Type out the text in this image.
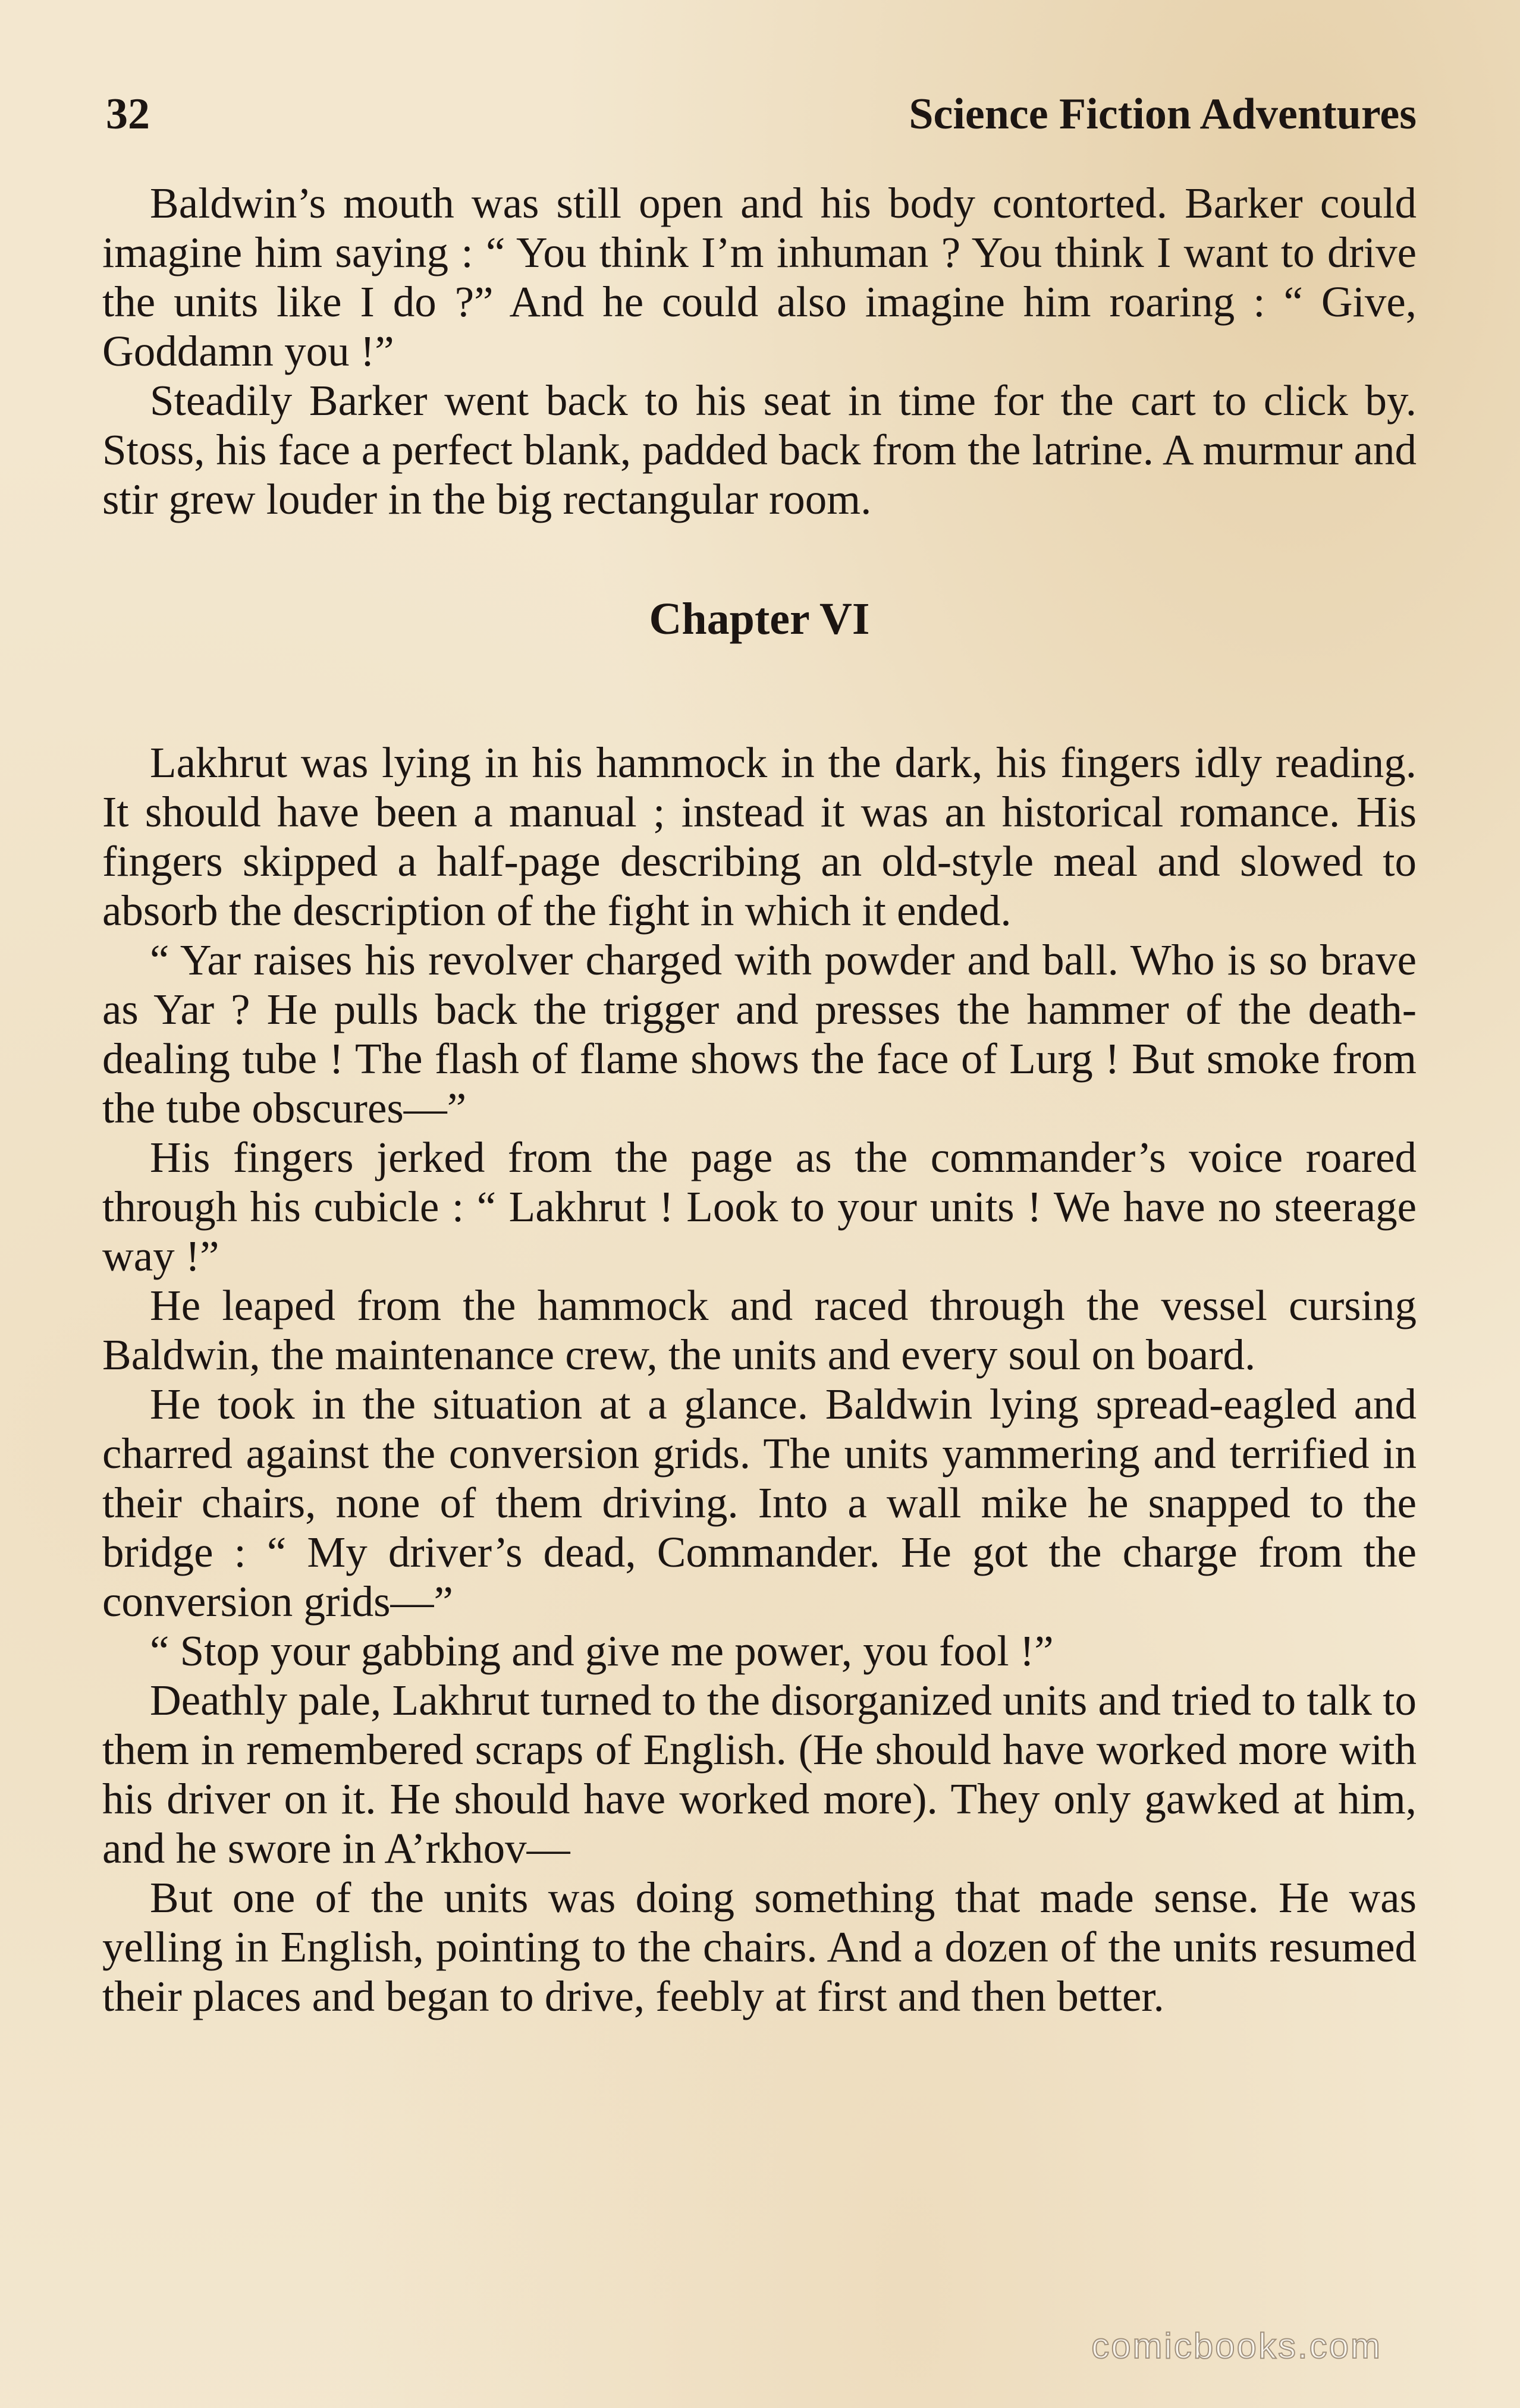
32	Science Fiction Adventures

Baldwin’s mouth was still open and his body contorted. Barker could imagine him saying : “ You think I’m inhuman ? You think I want to drive the units like I do ?” And he could also imagine him roaring : “ Give, Goddamn you !”

Steadily Barker went back to his seat in time for the cart to click by. Stoss, his face a perfect blank, padded back from the latrine. A murmur and stir grew louder in the big rectangular room.

Chapter VI

Lakhrut was lying in his hammock in the dark, his fingers idly reading. It should have been a manual ; instead it was an historical romance. His fingers skipped a half-page describing an old-style meal and slowed to absorb the description of the fight in which it ended.

“ Yar raises his revolver charged with powder and ball. Who is so brave as Yar ? He pulls back the trigger and presses the hammer of the death-dealing tube ! The flash of flame shows the face of Lurg ! But smoke from the tube obscures—”

His fingers jerked from the page as the commander’s voice roared through his cubicle : “ Lakhrut ! Look to your units ! We have no steerage way !”

He leaped from the hammock and raced through the vessel cursing Baldwin, the maintenance crew, the units and every soul on board.

He took in the situation at a glance. Baldwin lying spread-eagled and charred against the conversion grids. The units yammering and terrified in their chairs, none of them driving. Into a wall mike he snapped to the bridge : “ My driver’s dead, Commander. He got the charge from the conversion grids—”

“ Stop your gabbing and give me power, you fool !”

Deathly pale, Lakhrut turned to the disorganized units and tried to talk to them in remembered scraps of English. (He should have worked more with his driver on it. He should have worked more). They only gawked at him, and he swore in A’rkhov—

But one of the units was doing something that made sense. He was yelling in English, pointing to the chairs. And a dozen of the units resumed their places and began to drive, feebly at first and then better.

comicbooks.com
